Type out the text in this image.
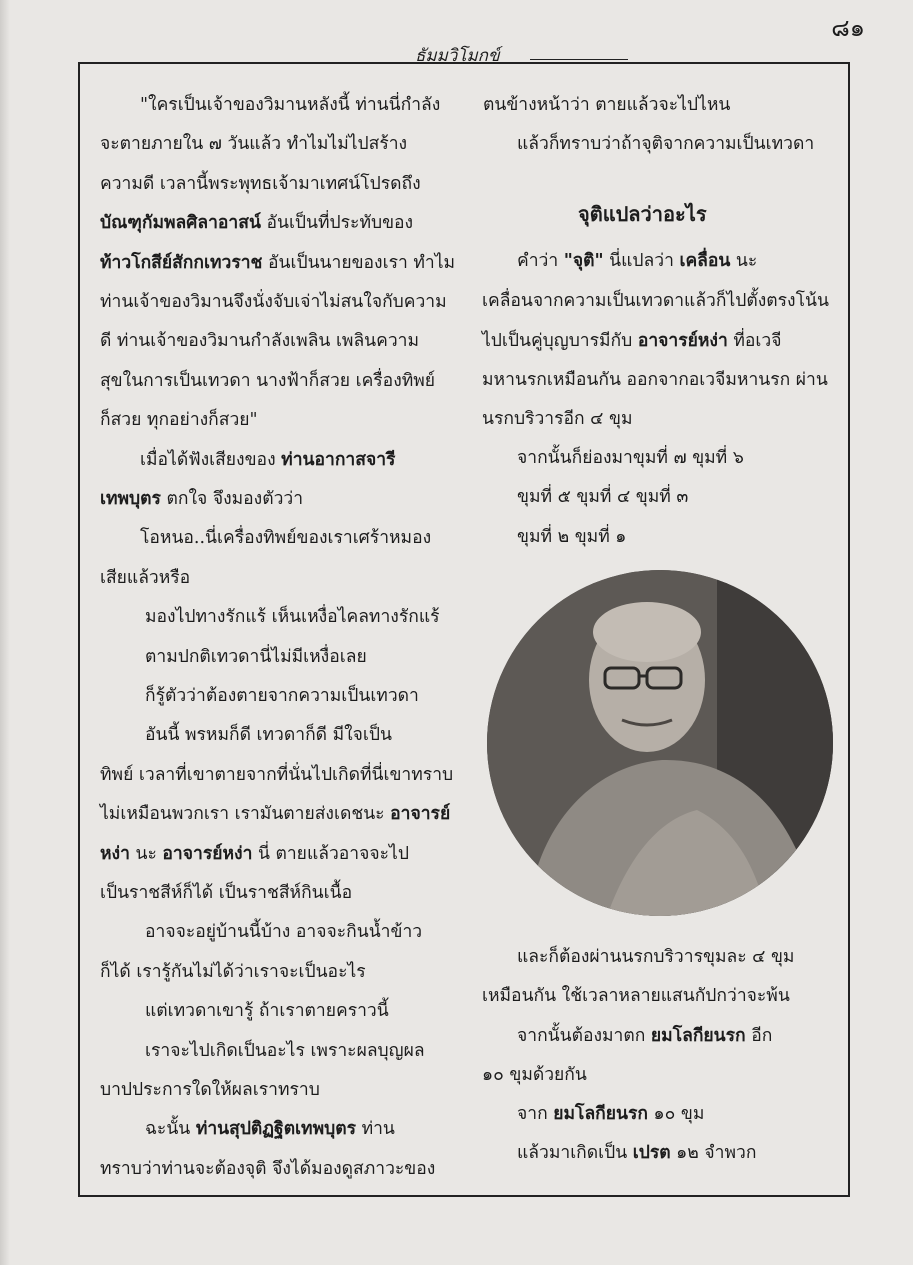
๘๑
ธัมมวิโมกข์
จุติแปลว่าอะไร
"ใครเป็นเจ้าของวิมานหลังนี้ ท่านนี่กำลัง
จะตายภายใน ๗ วันแล้ว ทำไมไม่ไปสร้าง
ความดี เวลานี้พระพุทธเจ้ามาเทศน์โปรดถึง
บัณฑุกัมพลศิลาอาสน์ อันเป็นที่ประทับของ
ท้าวโกสีย์สักกเทวราช อันเป็นนายของเรา ทำไม
ท่านเจ้าของวิมานจึงนั่งจับเจ่าไม่สนใจกับความ
ดี ท่านเจ้าของวิมานกำลังเพลิน เพลินความ
สุขในการเป็นเทวดา นางฟ้าก็สวย เครื่องทิพย์
ก็สวย ทุกอย่างก็สวย"
เมื่อได้ฟังเสียงของ ท่านอากาสจารี
เทพบุตร ตกใจ จึงมองตัวว่า
โอหนอ..นี่เครื่องทิพย์ของเราเศร้าหมอง
เสียแล้วหรือ
มองไปทางรักแร้ เห็นเหงื่อไคลทางรักแร้
ตามปกติเทวดานี่ไม่มีเหงื่อเลย
ก็รู้ตัวว่าต้องตายจากความเป็นเทวดา
อันนี้ พรหมก็ดี เทวดาก็ดี มีใจเป็น
ทิพย์ เวลาที่เขาตายจากที่นั่นไปเกิดที่นี่เขาทราบ
ไม่เหมือนพวกเรา เรามันตายส่งเดชนะ อาจารย์
หง่า นะ อาจารย์หง่า นี่ ตายแล้วอาจจะไป
เป็นราชสีห์ก็ได้ เป็นราชสีห์กินเนื้อ
อาจจะอยู่บ้านนี้บ้าง อาจจะกินน้ำข้าว
ก็ได้ เรารู้กันไม่ได้ว่าเราจะเป็นอะไร
แต่เทวดาเขารู้ ถ้าเราตายคราวนี้
เราจะไปเกิดเป็นอะไร เพราะผลบุญผล
บาปประการใดให้ผลเราทราบ
ฉะนั้น ท่านสุปติฏฐิตเทพบุตร ท่าน
ทราบว่าท่านจะต้องจุติ จึงได้มองดูสภาวะของ
ตนข้างหน้าว่า ตายแล้วจะไปไหน
แล้วก็ทราบว่าถ้าจุติจากความเป็นเทวดา
คำว่า "จุติ" นี่แปลว่า เคลื่อน นะ
เคลื่อนจากความเป็นเทวดาแล้วก็ไปตั้งตรงโน้น
ไปเป็นคู่บุญบารมีกับ อาจารย์หง่า ที่อเวจี
มหานรกเหมือนกัน ออกจากอเวจีมหานรก ผ่าน
นรกบริวารอีก ๔ ขุม
จากนั้นก็ย่องมาขุมที่ ๗ ขุมที่ ๖
ขุมที่ ๕ ขุมที่ ๔ ขุมที่ ๓
ขุมที่ ๒ ขุมที่ ๑
และก็ต้องผ่านนรกบริวารขุมละ ๔ ขุม
เหมือนกัน ใช้เวลาหลายแสนกัปกว่าจะพ้น
จากนั้นต้องมาตก ยมโลกียนรก อีก
๑๐ ขุมด้วยกัน
จาก ยมโลกียนรก ๑๐ ขุม
แล้วมาเกิดเป็น เปรต ๑๒ จำพวก
